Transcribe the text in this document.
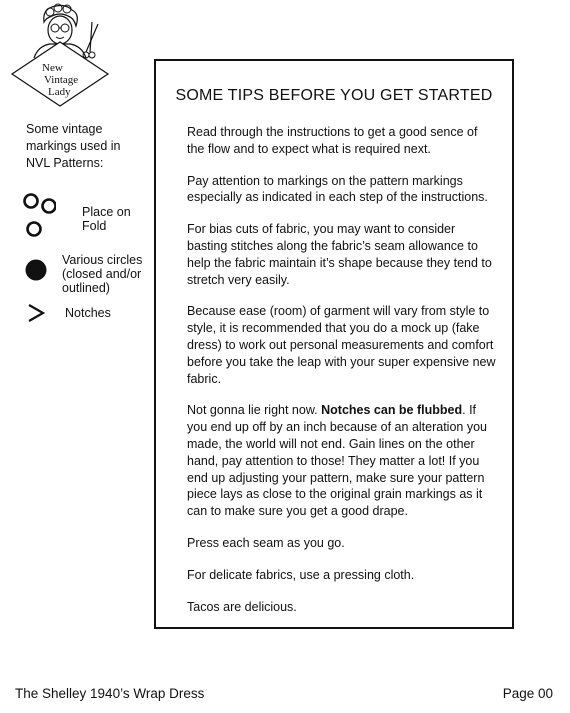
New
Vintage
Lady
Some vintage markings used in NVL Patterns:
Place on Fold
Various circles (closed and/or outlined)
Notches
SOME TIPS BEFORE YOU GET STARTED

Read through the instructions to get a good sence of the flow and to expect what is required next.

Pay attention to markings on the pattern markings especially as indicated in each step of the instructions.

For bias cuts of fabric, you may want to consider basting stitches along the fabric’s seam allowance to help the fabric maintain it’s shape because they tend to stretch very easily.

Because ease (room) of garment will vary from style to style, it is recommended that you do a mock up (fake dress) to work out personal measurements and comfort before you take the leap with your super expensive new fabric.

Not gonna lie right now. Notches can be flubbed. If you end up off by an inch because of an alteration you made, the world will not end. Gain lines on the other hand, pay attention to those! They matter a lot! If you end up adjusting your pattern, make sure your pattern piece lays as close to the original grain markings as it can to make sure you get a good drape.

Press each seam as you go.

For delicate fabrics, use a pressing cloth.

Tacos are delicious.

The Shelley 1940’s Wrap Dress	Page 00
